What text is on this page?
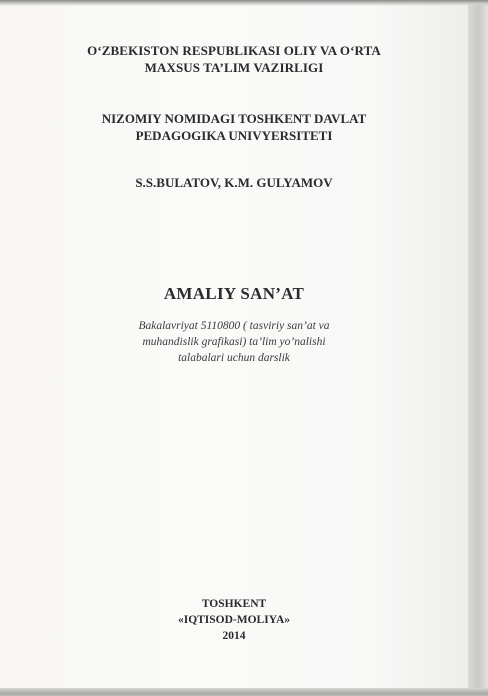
O‘ZBEKISTON RESPUBLIKASI OLIY VA O‘RTA
MAXSUS TA’LIM VAZIRLIGI
NIZOMIY NOMIDAGI TOSHKENT DAVLAT
PEDAGOGIKA UNIVYERSITETI
S.S.BULATOV, K.M. GULYAMOV
AMALIY SAN’AT
Bakalavriyat 5110800 ( tasviriy san’at va
muhandislik grafikasi) ta’lim yo’nalishi
talabalari uchun darslik
TOSHKENT
«IQTISOD-MOLIYA»
2014
